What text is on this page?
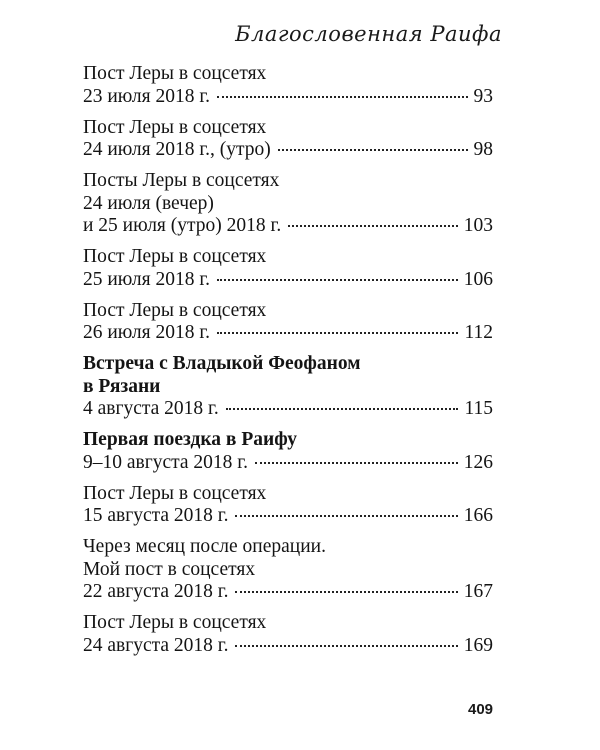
Благословенная Раифа
Пост Леры в соцсетях
23 июля 2018 г.	93
Пост Леры в соцсетях
24 июля 2018 г., (утро)	98
Посты Леры в соцсетях
24 июля (вечер)
и 25 июля (утро) 2018 г.	103
Пост Леры в соцсетях
25 июля 2018 г.	106
Пост Леры в соцсетях
26 июля 2018 г.	112
Встреча с Владыкой Феофаном
в Рязани
4 августа 2018 г.	115
Первая поездка в Раифу
9–10 августа 2018 г.	126
Пост Леры в соцсетях
15 августа 2018 г.	166
Через месяц после операции.
Мой пост в соцсетях
22 августа 2018 г.	167
Пост Леры в соцсетях
24 августа 2018 г.	169
409
